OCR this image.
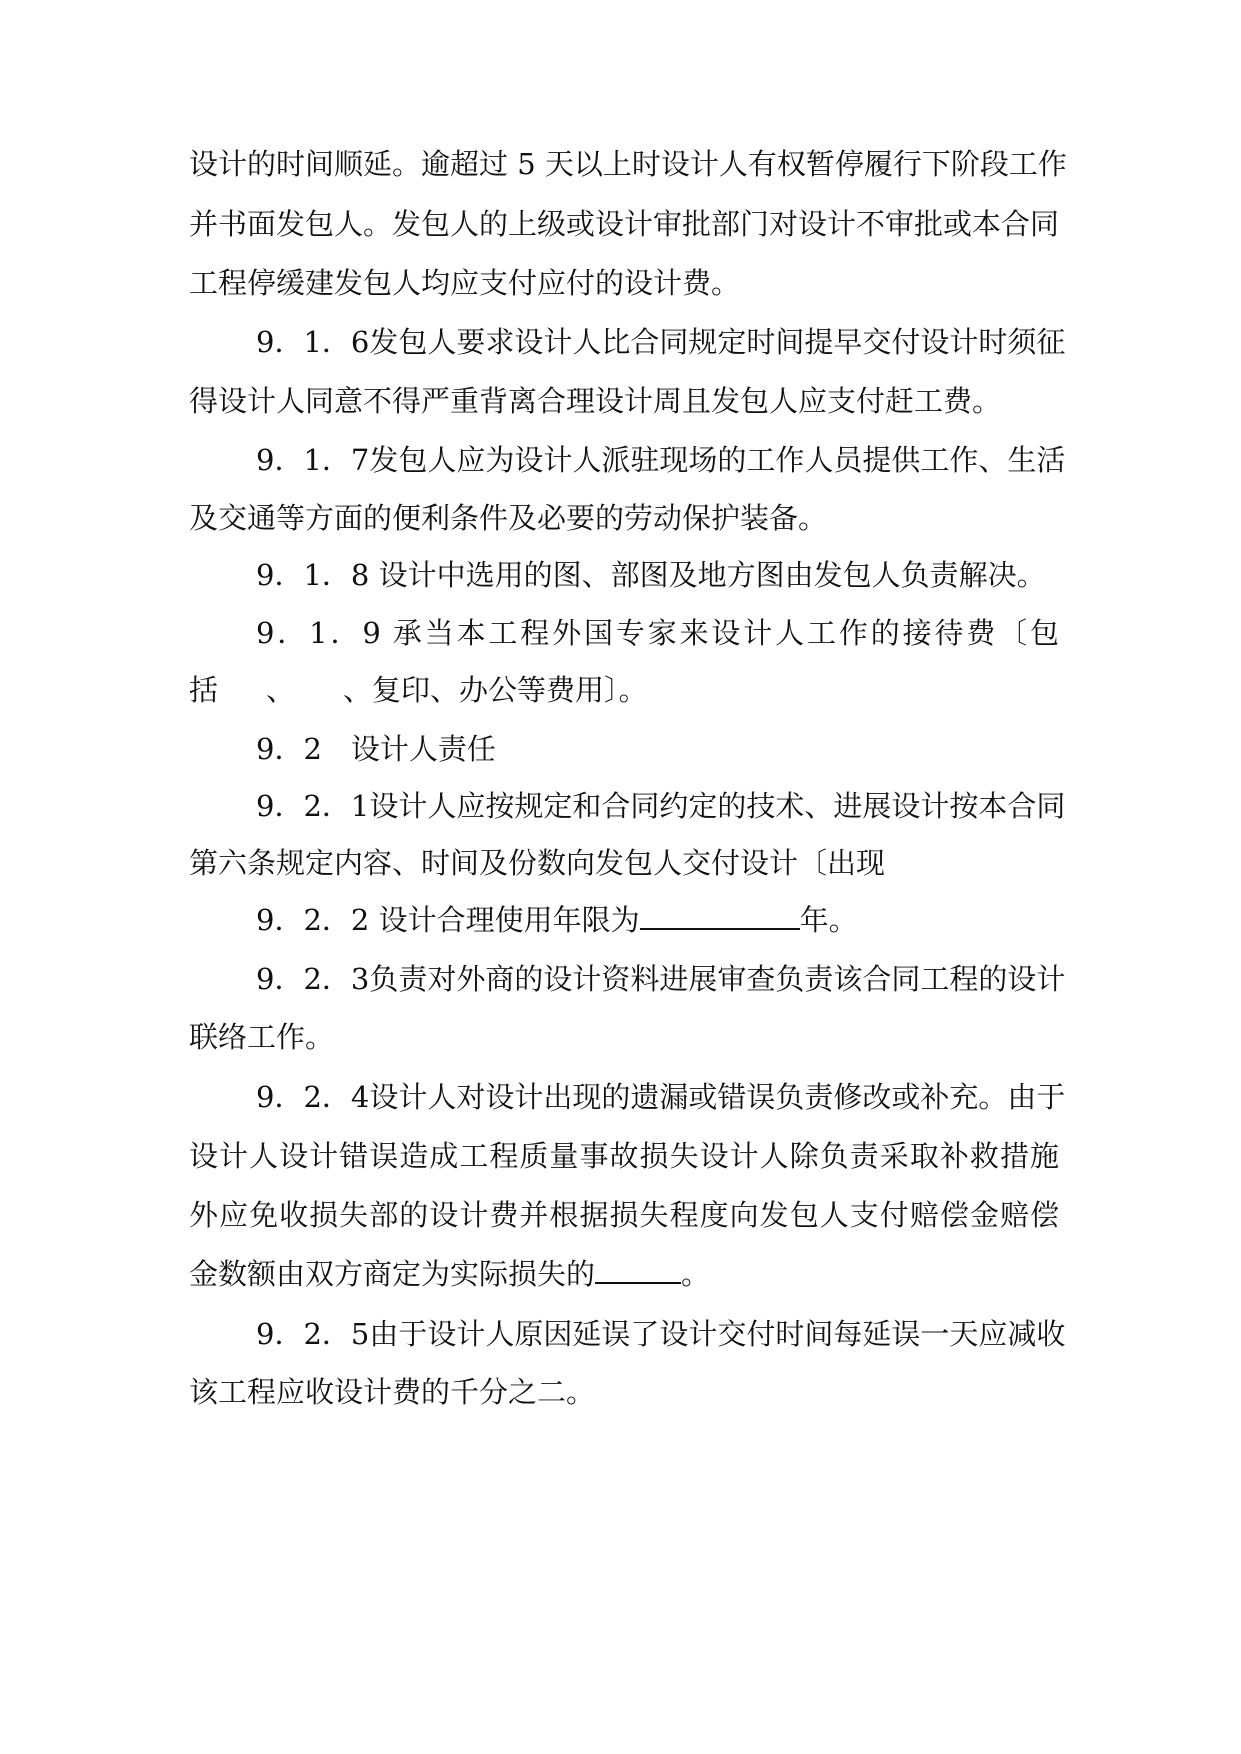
设计的时间顺延。逾超过 5 天以上时设计人有权暂停履行下阶段工作
并书面发包人。发包人的上级或设计审批部门对设计不审批或本合同
工程停缓建发包人均应支付应付的设计费。
9．1．6发包人要求设计人比合同规定时间提早交付设计时须征
得设计人同意不得严重背离合理设计周且发包人应支付赶工费。
9．1．7发包人应为设计人派驻现场的工作人员提供工作、生活
及交通等方面的便利条件及必要的劳动保护装备。
9．1．8 设计中选用的图、部图及地方图由发包人负责解决。
9．1．9 承当本工程外国专家来设计人工作的接待费〔包
括 、 、复印、办公等费用〕。
9．2　设计人责任
9．2．1设计人应按规定和合同约定的技术、进展设计按本合同
第六条规定内容、时间及份数向发包人交付设计〔出现
9．2．2 设计合理使用年限为	年。
9．2．3负责对外商的设计资料进展审查负责该合同工程的设计
联络工作。
9．2．4设计人对设计出现的遗漏或错误负责修改或补充。由于
设计人设计错误造成工程质量事故损失设计人除负责采取补救措施
外应免收损失部的设计费并根据损失程度向发包人支付赔偿金赔偿
金数额由双方商定为实际损失的	。
9．2．5由于设计人原因延误了设计交付时间每延误一天应减收
该工程应收设计费的千分之二。
